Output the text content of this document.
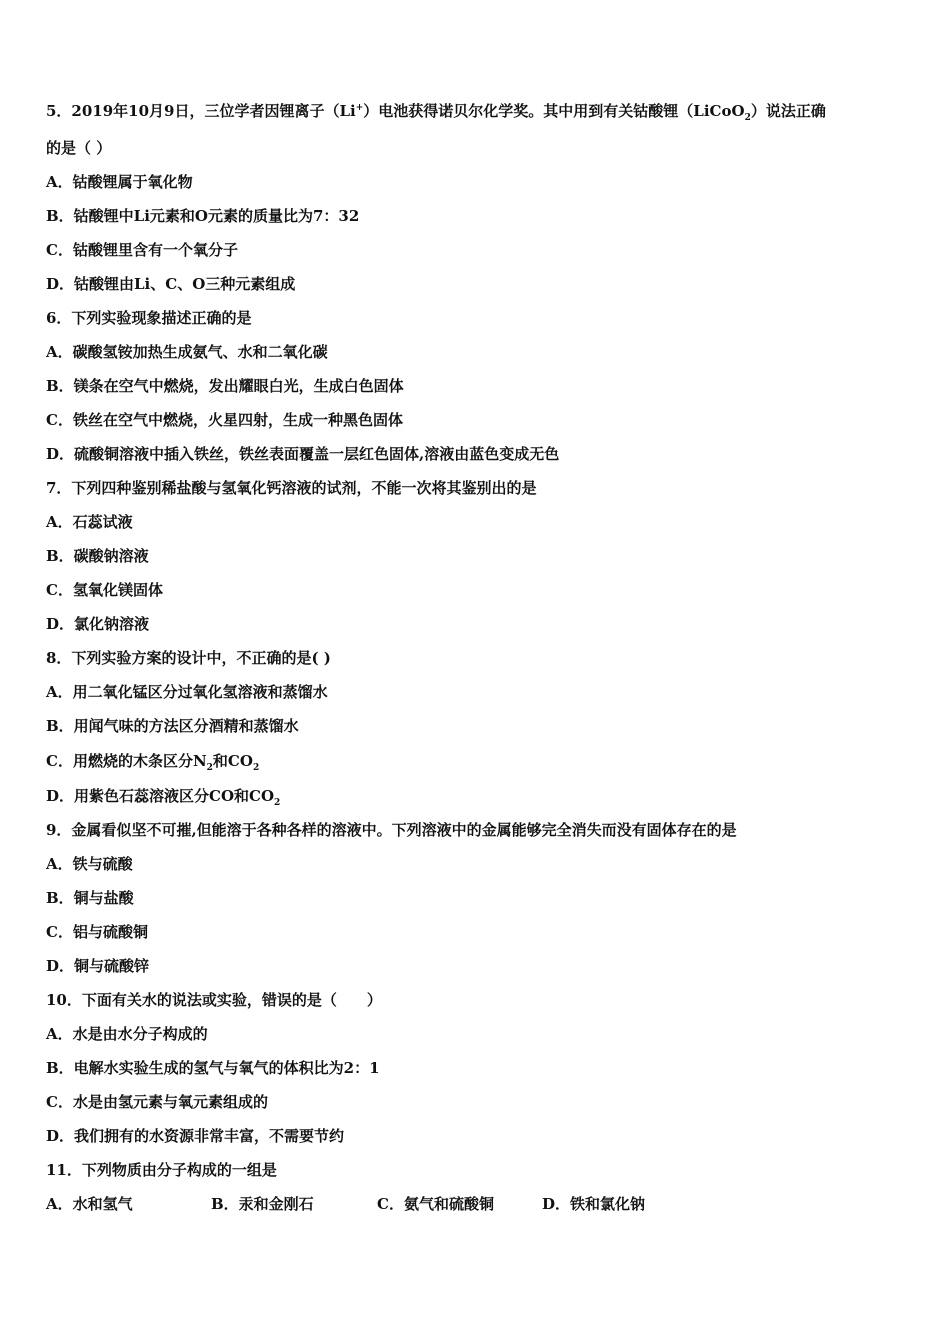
5．2019年10月9日，三位学者因锂离子（Li+）电池获得诺贝尔化学奖。其中用到有关钴酸锂（LiCoO$_2$）说法正确
的是（ ）
A．钴酸锂属于氧化物
B．钴酸锂中Li元素和O元素的质量比为7：32
C．钴酸锂里含有一个氧分子
D．钴酸锂由Li、C、O三种元素组成
6．下列实验现象描述正确的是
A．碳酸氢铵加热生成氨气、水和二氧化碳
B．镁条在空气中燃烧，发出耀眼白光，生成白色固体
C．铁丝在空气中燃烧，火星四射，生成一种黑色固体
D．硫酸铜溶液中插入铁丝，铁丝表面覆盖一层红色固体,溶液由蓝色变成无色
7．下列四种鉴别稀盐酸与氢氧化钙溶液的试剂，不能一次将其鉴别出的是
A．石蕊试液
B．碳酸钠溶液
C．氢氧化镁固体
D．氯化钠溶液
8．下列实验方案的设计中，不正确的是( )
A．用二氧化锰区分过氧化氢溶液和蒸馏水
B．用闻气味的方法区分酒精和蒸馏水
C．用燃烧的木条区分$N_2$和$CO_2$
D．用紫色石蕊溶液区分CO和$CO_2$
9．金属看似坚不可摧,但能溶于各种各样的溶液中。下列溶液中的金属能够完全消失而没有固体存在的是
A．铁与硫酸
B．铜与盐酸
C．铝与硫酸铜
D．铜与硫酸锌
10．下面有关水的说法或实验，错误的是（　　）
A．水是由水分子构成的
B．电解水实验生成的氢气与氧气的体积比为2：1
C．水是由氢元素与氧元素组成的
D．我们拥有的水资源非常丰富，不需要节约
11．下列物质由分子构成的一组是
A．水和氢气	B．汞和金刚石	C．氨气和硫酸铜	D．铁和氯化钠
